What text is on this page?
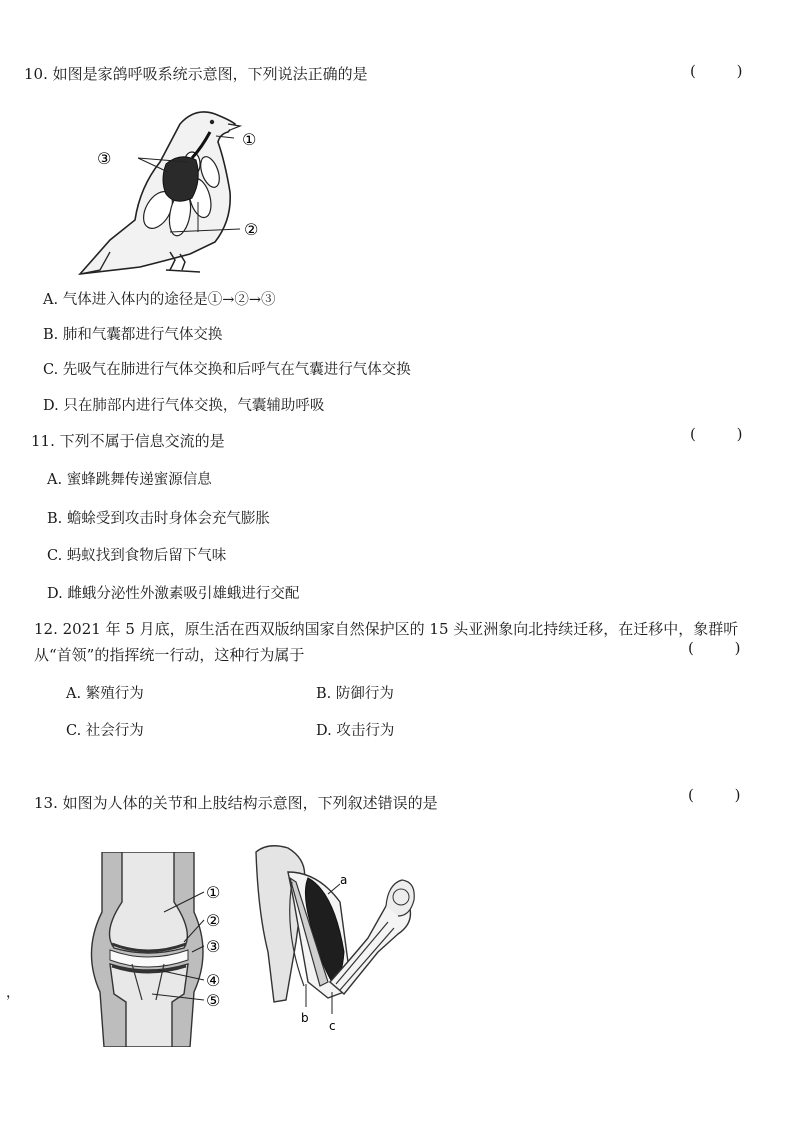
10. 如图是家鸽呼吸系统示意图，下列说法正确的是	( )
①
②
③
A. 气体进入体内的途径是①→②→③
B. 肺和气囊都进行气体交换
C. 先吸气在肺进行气体交换和后呼气在气囊进行气体交换
D. 只在肺部内进行气体交换，气囊辅助呼吸
11. 下列不属于信息交流的是	( )
A. 蜜蜂跳舞传递蜜源信息
B. 蟾蜍受到攻击时身体会充气膨胀
C. 蚂蚁找到食物后留下气味
D. 雌蛾分泌性外激素吸引雄蛾进行交配
12. 2021 年 5 月底，原生活在西双版纳国家自然保护区的 15 头亚洲象向北持续迁移，在迁移中，象群听
从“首领”的指挥统一行动，这种行为属于	( )
A. 繁殖行为	B. 防御行为
C. 社会行为	D. 攻击行为
13. 如图为人体的关节和上肢结构示意图，下列叙述错误的是	( )
①
②
③
④
⑤
a
b
c
，
